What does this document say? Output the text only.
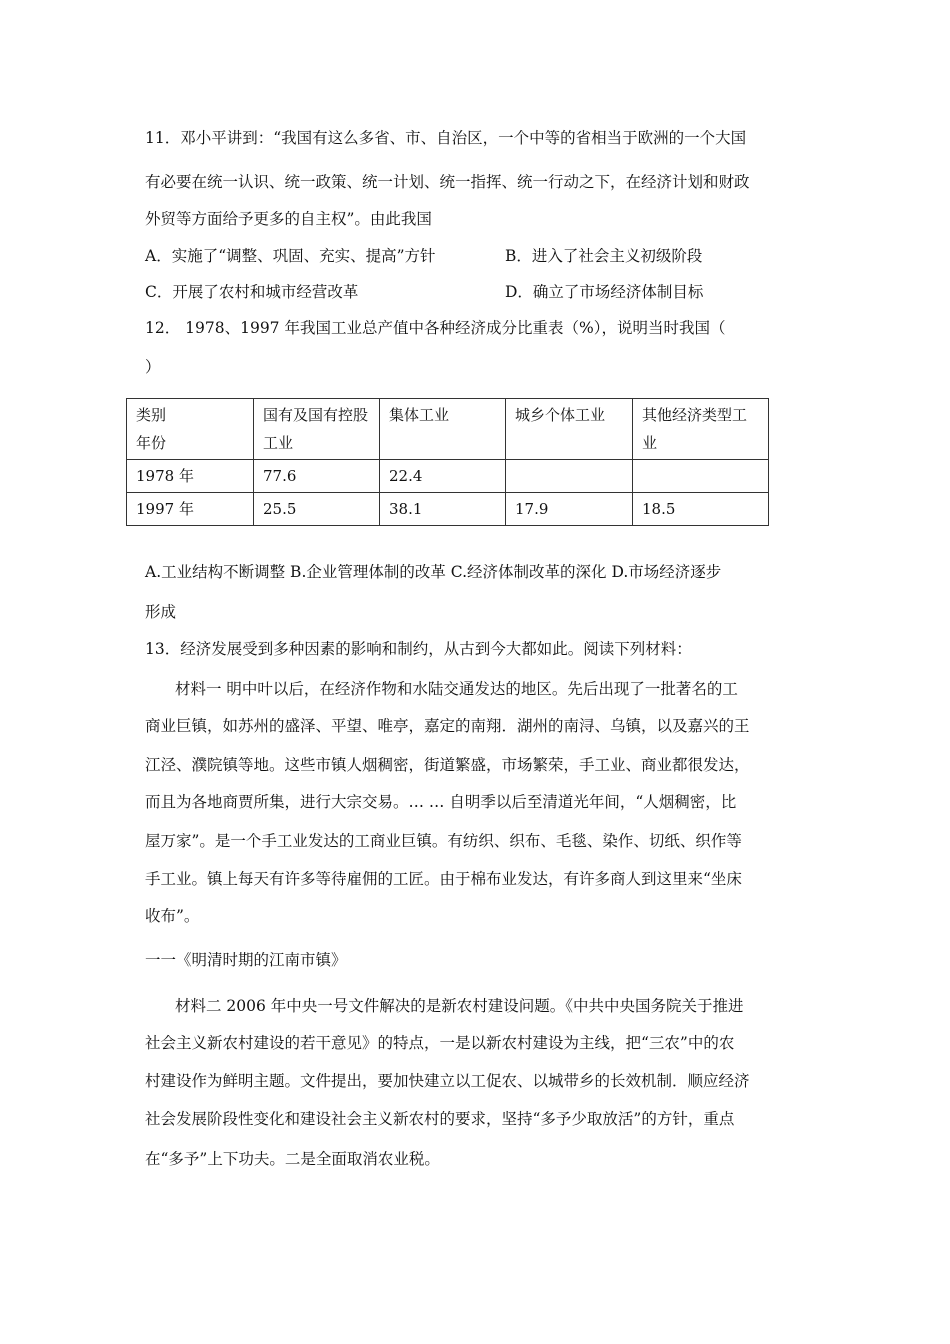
11．邓小平讲到：“我国有这么多省、市、自治区，一个中等的省相当于欧洲的一个大国
有必要在统一认识、统一政策、统一计划、统一指挥、统一行动之下，在经济计划和财政
外贸等方面给予更多的自主权”。由此我国
A．实施了“调整、巩固、充实、提高”方针	B．进入了社会主义初级阶段
C．开展了农村和城市经营改革	D．确立了市场经济体制目标
12． 1978、1997 年我国工业总产值中各种经济成分比重表（%），说明当时我国（
）
类别
年份	国有及国有控股工业	集体工业	城乡个体工业	其他经济类型工业
1978 年	77.6	22.4		
1997 年	25.5	38.1	17.9	18.5
A.工业结构不断调整 B.企业管理体制的改革 C.经济体制改革的深化 D.市场经济逐步
形成
13．经济发展受到多种因素的影响和制约，从古到今大都如此。阅读下列材料：
材料一 明中叶以后，在经济作物和水陆交通发达的地区。先后出现了一批著名的工
商业巨镇，如苏州的盛泽、平望、唯亭，嘉定的南翔．湖州的南浔、乌镇，以及嘉兴的王
江泾、濮院镇等地。这些市镇人烟稠密，街道繁盛，市场繁荣，手工业、商业都很发达，
而且为各地商贾所集，进行大宗交易。… … 自明季以后至清道光年间，“人烟稠密，比
屋万家”。是一个手工业发达的工商业巨镇。有纺织、织布、毛毯、染作、切纸、织作等
手工业。镇上每天有许多等待雇佣的工匠。由于棉布业发达，有许多商人到这里来“坐床
收布”。
一一《明清时期的江南市镇》
材料二 2006 年中央一号文件解决的是新农村建设问题。《中共中央国务院关于推进
社会主义新农村建设的若干意见》的特点，一是以新农村建设为主线，把“三农”中的农
村建设作为鲜明主题。文件提出，要加快建立以工促农、以城带乡的长效机制．顺应经济
社会发展阶段性变化和建设社会主义新农村的要求，坚持“多予少取放活”的方针，重点
在“多予”上下功夫。二是全面取消农业税。
